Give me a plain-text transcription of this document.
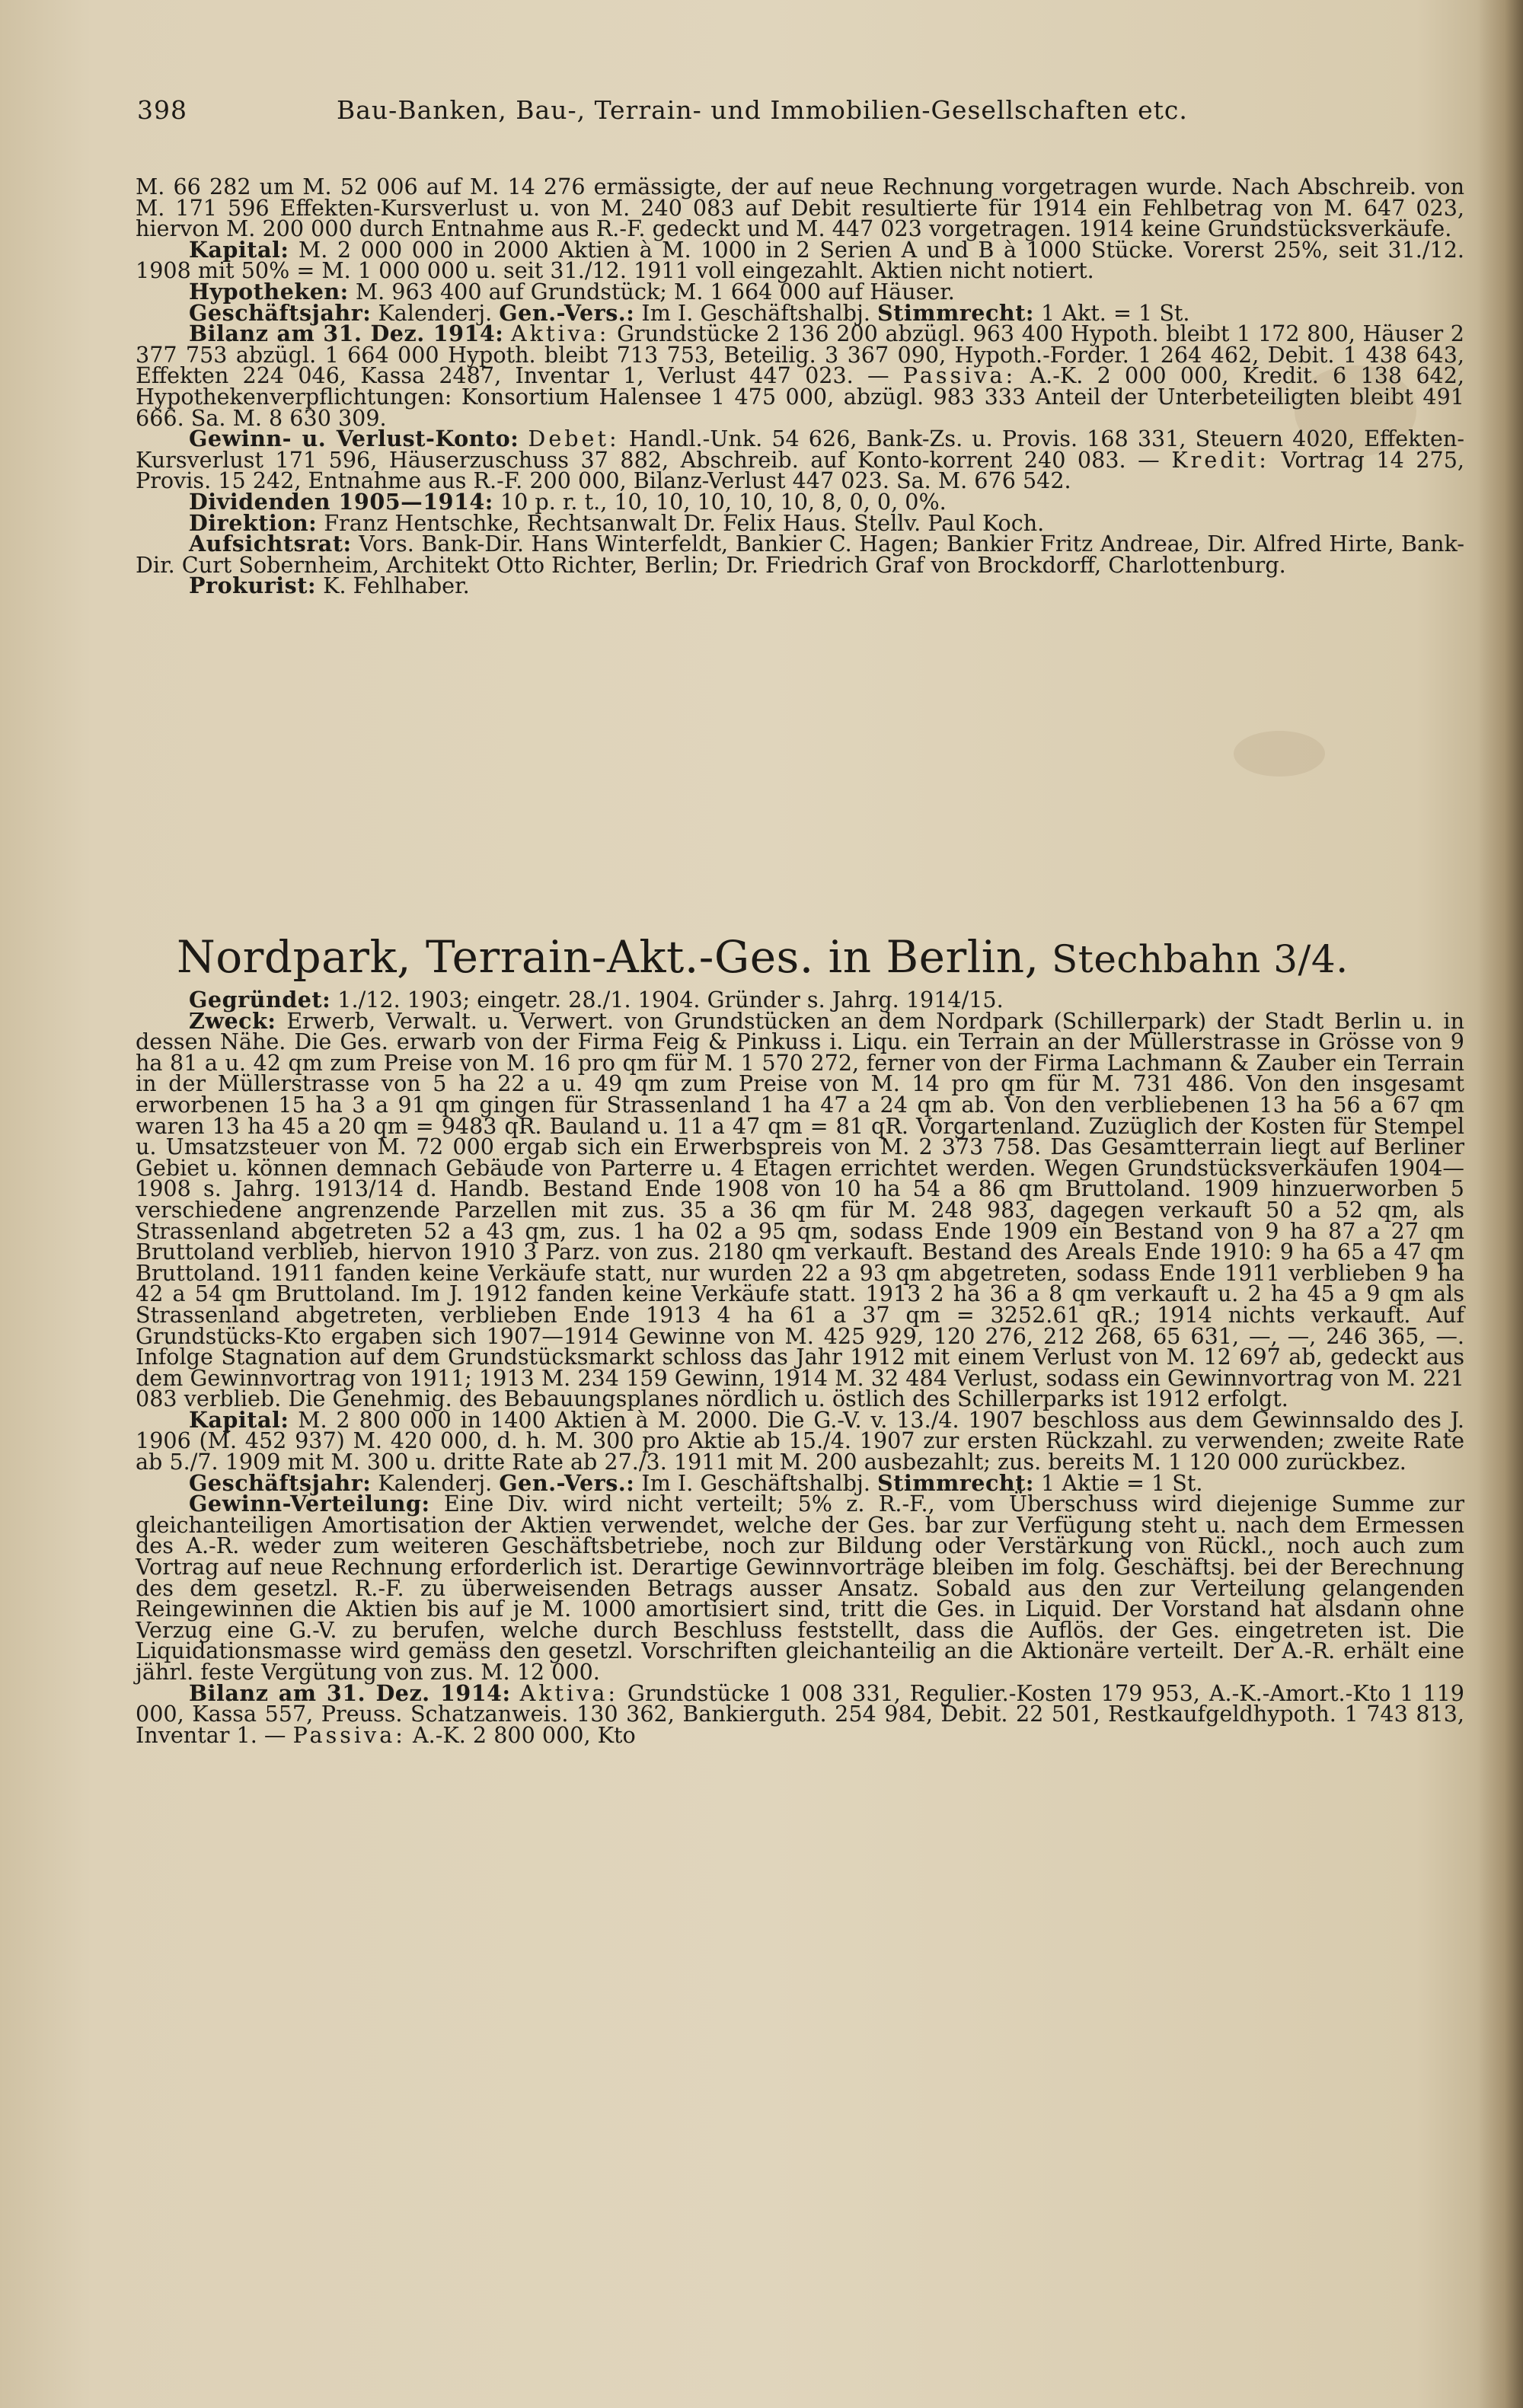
398	Bau-Banken, Bau-, Terrain- und Immobilien-Gesellschaften etc.

M. 66 282 um M. 52 006 auf M. 14 276 ermässigte, der auf neue Rechnung vorgetragen wurde. Nach Abschreib. von M. 171 596 Effekten-Kursverlust u. von M. 240 083 auf Debit resultierte für 1914 ein Fehlbetrag von M. 647 023, hiervon M. 200 000 durch Entnahme aus R.-F. gedeckt und M. 447 023 vorgetragen. 1914 keine Grundstücksverkäufe.

Kapital: M. 2 000 000 in 2000 Aktien à M. 1000 in 2 Serien A und B à 1000 Stücke. Vorerst 25%, seit 31./12. 1908 mit 50% = M. 1 000 000 u. seit 31./12. 1911 voll eingezahlt. Aktien nicht notiert.

Hypotheken: M. 963 400 auf Grundstück; M. 1 664 000 auf Häuser.

Geschäftsjahr: Kalenderj. Gen.-Vers.: Im I. Geschäftshalbj. Stimmrecht: 1 Akt. = 1 St.

Bilanz am 31. Dez. 1914: Aktiva: Grundstücke 2 136 200 abzügl. 963 400 Hypoth. bleibt 1 172 800, Häuser 2 377 753 abzügl. 1 664 000 Hypoth. bleibt 713 753, Beteilig. 3 367 090, Hypoth.-Forder. 1 264 462, Debit. 1 438 643, Effekten 224 046, Kassa 2487, Inventar 1, Verlust 447 023. — Passiva: A.-K. 2 000 000, Kredit. 6 138 642, Hypothekenverpflichtungen: Konsortium Halensee 1 475 000, abzügl. 983 333 Anteil der Unterbeteiligten bleibt 491 666. Sa. M. 8 630 309.

Gewinn- u. Verlust-Konto: Debet: Handl.-Unk. 54 626, Bank-Zs. u. Provis. 168 331, Steuern 4020, Effekten-Kursverlust 171 596, Häuserzuschuss 37 882, Abschreib. auf Konto-korrent 240 083. — Kredit: Vortrag 14 275, Provis. 15 242, Entnahme aus R.-F. 200 000, Bilanz-Verlust 447 023. Sa. M. 676 542.

Dividenden 1905—1914: 10 p. r. t., 10, 10, 10, 10, 10, 8, 0, 0, 0%.

Direktion: Franz Hentschke, Rechtsanwalt Dr. Felix Haus. Stellv. Paul Koch.

Aufsichtsrat: Vors. Bank-Dir. Hans Winterfeldt, Bankier C. Hagen; Bankier Fritz Andreae, Dir. Alfred Hirte, Bank-Dir. Curt Sobernheim, Architekt Otto Richter, Berlin; Dr. Friedrich Graf von Brockdorff, Charlottenburg.

Prokurist: K. Fehlhaber.

Nordpark, Terrain-Akt.-Ges. in Berlin, Stechbahn 3/4.

Gegründet: 1./12. 1903; eingetr. 28./1. 1904. Gründer s. Jahrg. 1914/15.

Zweck: Erwerb, Verwalt. u. Verwert. von Grundstücken an dem Nordpark (Schillerpark) der Stadt Berlin u. in dessen Nähe. Die Ges. erwarb von der Firma Feig & Pinkuss i. Liqu. ein Terrain an der Müllerstrasse in Grösse von 9 ha 81 a u. 42 qm zum Preise von M. 16 pro qm für M. 1 570 272, ferner von der Firma Lachmann & Zauber ein Terrain in der Müllerstrasse von 5 ha 22 a u. 49 qm zum Preise von M. 14 pro qm für M. 731 486. Von den insgesamt erworbenen 15 ha 3 a 91 qm gingen für Strassenland 1 ha 47 a 24 qm ab. Von den verbliebenen 13 ha 56 a 67 qm waren 13 ha 45 a 20 qm = 9483 qR. Bauland u. 11 a 47 qm = 81 qR. Vorgartenland. Zuzüglich der Kosten für Stempel u. Umsatzsteuer von M. 72 000 ergab sich ein Erwerbspreis von M. 2 373 758. Das Gesamtterrain liegt auf Berliner Gebiet u. können demnach Gebäude von Parterre u. 4 Etagen errichtet werden. Wegen Grundstücksverkäufen 1904—1908 s. Jahrg. 1913/14 d. Handb. Bestand Ende 1908 von 10 ha 54 a 86 qm Bruttoland. 1909 hinzuerworben 5 verschiedene angrenzende Parzellen mit zus. 35 a 36 qm für M. 248 983, dagegen verkauft 50 a 52 qm, als Strassenland abgetreten 52 a 43 qm, zus. 1 ha 02 a 95 qm, sodass Ende 1909 ein Bestand von 9 ha 87 a 27 qm Bruttoland verblieb, hiervon 1910 3 Parz. von zus. 2180 qm verkauft. Bestand des Areals Ende 1910: 9 ha 65 a 47 qm Bruttoland. 1911 fanden keine Verkäufe statt, nur wurden 22 a 93 qm abgetreten, sodass Ende 1911 verblieben 9 ha 42 a 54 qm Bruttoland. Im J. 1912 fanden keine Verkäufe statt. 1913 2 ha 36 a 8 qm verkauft u. 2 ha 45 a 9 qm als Strassenland abgetreten, verblieben Ende 1913 4 ha 61 a 37 qm = 3252.61 qR.; 1914 nichts verkauft. Auf Grundstücks-Kto ergaben sich 1907—1914 Gewinne von M. 425 929, 120 276, 212 268, 65 631, —, —, 246 365, —. Infolge Stagnation auf dem Grundstücksmarkt schloss das Jahr 1912 mit einem Verlust von M. 12 697 ab, gedeckt aus dem Gewinnvortrag von 1911; 1913 M. 234 159 Gewinn, 1914 M. 32 484 Verlust, sodass ein Gewinnvortrag von M. 221 083 verblieb. Die Genehmig. des Bebauungsplanes nördlich u. östlich des Schillerparks ist 1912 erfolgt.

Kapital: M. 2 800 000 in 1400 Aktien à M. 2000. Die G.-V. v. 13./4. 1907 beschloss aus dem Gewinnsaldo des J. 1906 (M. 452 937) M. 420 000, d. h. M. 300 pro Aktie ab 15./4. 1907 zur ersten Rückzahl. zu verwenden; zweite Rate ab 5./7. 1909 mit M. 300 u. dritte Rate ab 27./3. 1911 mit M. 200 ausbezahlt; zus. bereits M. 1 120 000 zurückbez.

Geschäftsjahr: Kalenderj. Gen.-Vers.: Im I. Geschäftshalbj. Stimmrecht: 1 Aktie = 1 St.

Gewinn-Verteilung: Eine Div. wird nicht verteilt; 5% z. R.-F., vom Überschuss wird diejenige Summe zur gleichanteiligen Amortisation der Aktien verwendet, welche der Ges. bar zur Verfügung steht u. nach dem Ermessen des A.-R. weder zum weiteren Geschäftsbetriebe, noch zur Bildung oder Verstärkung von Rückl., noch auch zum Vortrag auf neue Rechnung erforderlich ist. Derartige Gewinnvorträge bleiben im folg. Geschäftsj. bei der Berechnung des dem gesetzl. R.-F. zu überweisenden Betrags ausser Ansatz. Sobald aus den zur Verteilung gelangenden Reingewinnen die Aktien bis auf je M. 1000 amortisiert sind, tritt die Ges. in Liquid. Der Vorstand hat alsdann ohne Verzug eine G.-V. zu berufen, welche durch Beschluss feststellt, dass die Auflös. der Ges. eingetreten ist. Die Liquidationsmasse wird gemäss den gesetzl. Vorschriften gleichanteilig an die Aktionäre verteilt. Der A.-R. erhält eine jährl. feste Vergütung von zus. M. 12 000.

Bilanz am 31. Dez. 1914: Aktiva: Grundstücke 1 008 331, Regulier.-Kosten 179 953, A.-K.-Amort.-Kto 1 119 000, Kassa 557, Preuss. Schatzanweis. 130 362, Bankierguth. 254 984, Debit. 22 501, Restkaufgeldhypoth. 1 743 813, Inventar 1. — Passiva: A.-K. 2 800 000, Kto
